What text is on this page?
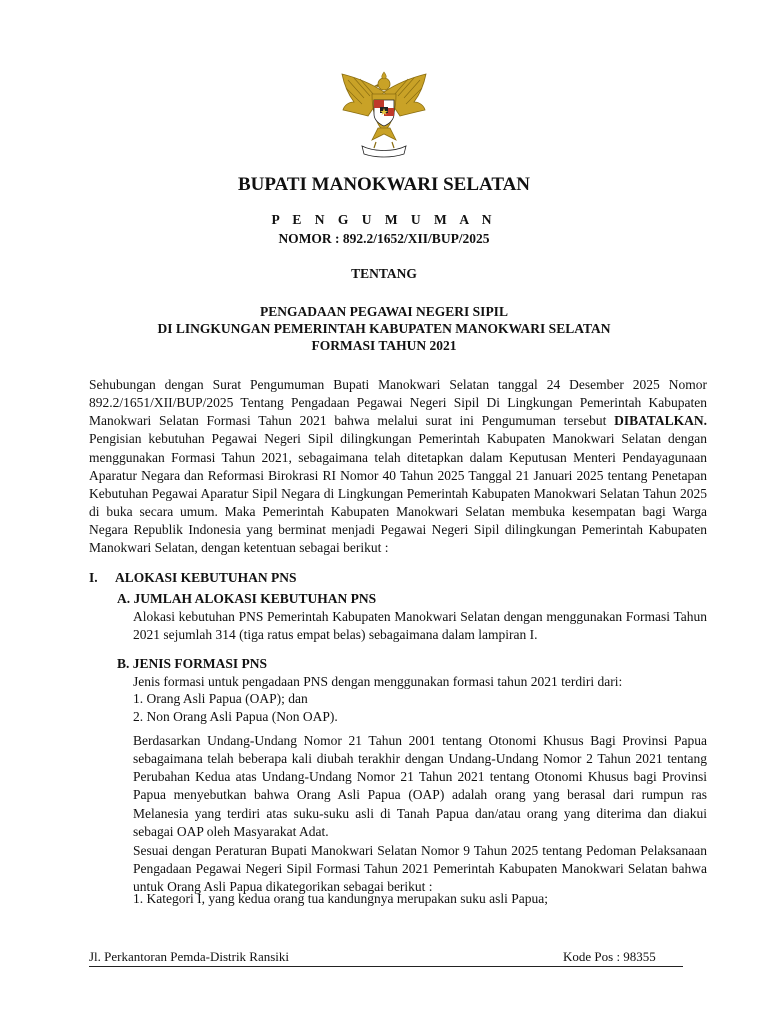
BUPATI MANOKWARI SELATAN
P E N G U M U M A N
NOMOR : 892.2/1652/XII/BUP/2025
TENTANG
PENGADAAN PEGAWAI NEGERI SIPIL
DI LINGKUNGAN PEMERINTAH KABUPATEN MANOKWARI SELATAN
FORMASI TAHUN 2021

Sehubungan dengan Surat Pengumuman Bupati Manokwari Selatan tanggal 24 Desember 2025 Nomor 892.2/1651/XII/BUP/2025 Tentang Pengadaan Pegawai Negeri Sipil Di Lingkungan Pemerintah Kabupaten Manokwari Selatan Formasi Tahun 2021 bahwa melalui surat ini Pengumuman tersebut DIBATALKAN. Pengisian kebutuhan Pegawai Negeri Sipil dilingkungan Pemerintah Kabupaten Manokwari Selatan dengan menggunakan Formasi Tahun 2021, sebagaimana telah ditetapkan dalam Keputusan Menteri Pendayagunaan Aparatur Negara dan Reformasi Birokrasi RI Nomor 40 Tahun 2025 Tanggal 21 Januari 2025 tentang Penetapan Kebutuhan Pegawai Aparatur Sipil Negara di Lingkungan Pemerintah Kabupaten Manokwari Selatan Tahun 2025 di buka secara umum. Maka Pemerintah Kabupaten Manokwari Selatan membuka kesempatan bagi Warga Negara Republik Indonesia yang berminat menjadi Pegawai Negeri Sipil dilingkungan Pemerintah Kabupaten Manokwari Selatan, dengan ketentuan sebagai berikut :

I. ALOKASI KEBUTUHAN PNS
A. JUMLAH ALOKASI KEBUTUHAN PNS

Alokasi kebutuhan PNS Pemerintah Kabupaten Manokwari Selatan dengan menggunakan Formasi Tahun 2021 sejumlah 314 (tiga ratus empat belas) sebagaimana dalam lampiran I.

B. JENIS FORMASI PNS

Jenis formasi untuk pengadaan PNS dengan menggunakan formasi tahun 2021 terdiri dari:

1. Orang Asli Papua (OAP); dan
2. Non Orang Asli Papua (Non OAP).

Berdasarkan Undang-Undang Nomor 21 Tahun 2001 tentang Otonomi Khusus Bagi Provinsi Papua sebagaimana telah beberapa kali diubah terakhir dengan Undang-Undang Nomor 2 Tahun 2021 tentang Perubahan Kedua atas Undang-Undang Nomor 21 Tahun 2021 tentang Otonomi Khusus bagi Provinsi Papua menyebutkan bahwa Orang Asli Papua (OAP) adalah orang yang berasal dari rumpun ras Melanesia yang terdiri atas suku-suku asli di Tanah Papua dan/atau orang yang diterima dan diakui sebagai OAP oleh Masyarakat Adat.

Sesuai dengan Peraturan Bupati Manokwari Selatan Nomor 9 Tahun 2025 tentang Pedoman Pelaksanaan Pengadaan Pegawai Negeri Sipil Formasi Tahun 2021 Pemerintah Kabupaten Manokwari Selatan bahwa untuk Orang Asli Papua dikategorikan sebagai berikut :

1. Kategori I, yang kedua orang tua kandungnya merupakan suku asli Papua;
Jl. Perkantoran Pemda-Distrik Ransiki	Kode Pos : 98355
